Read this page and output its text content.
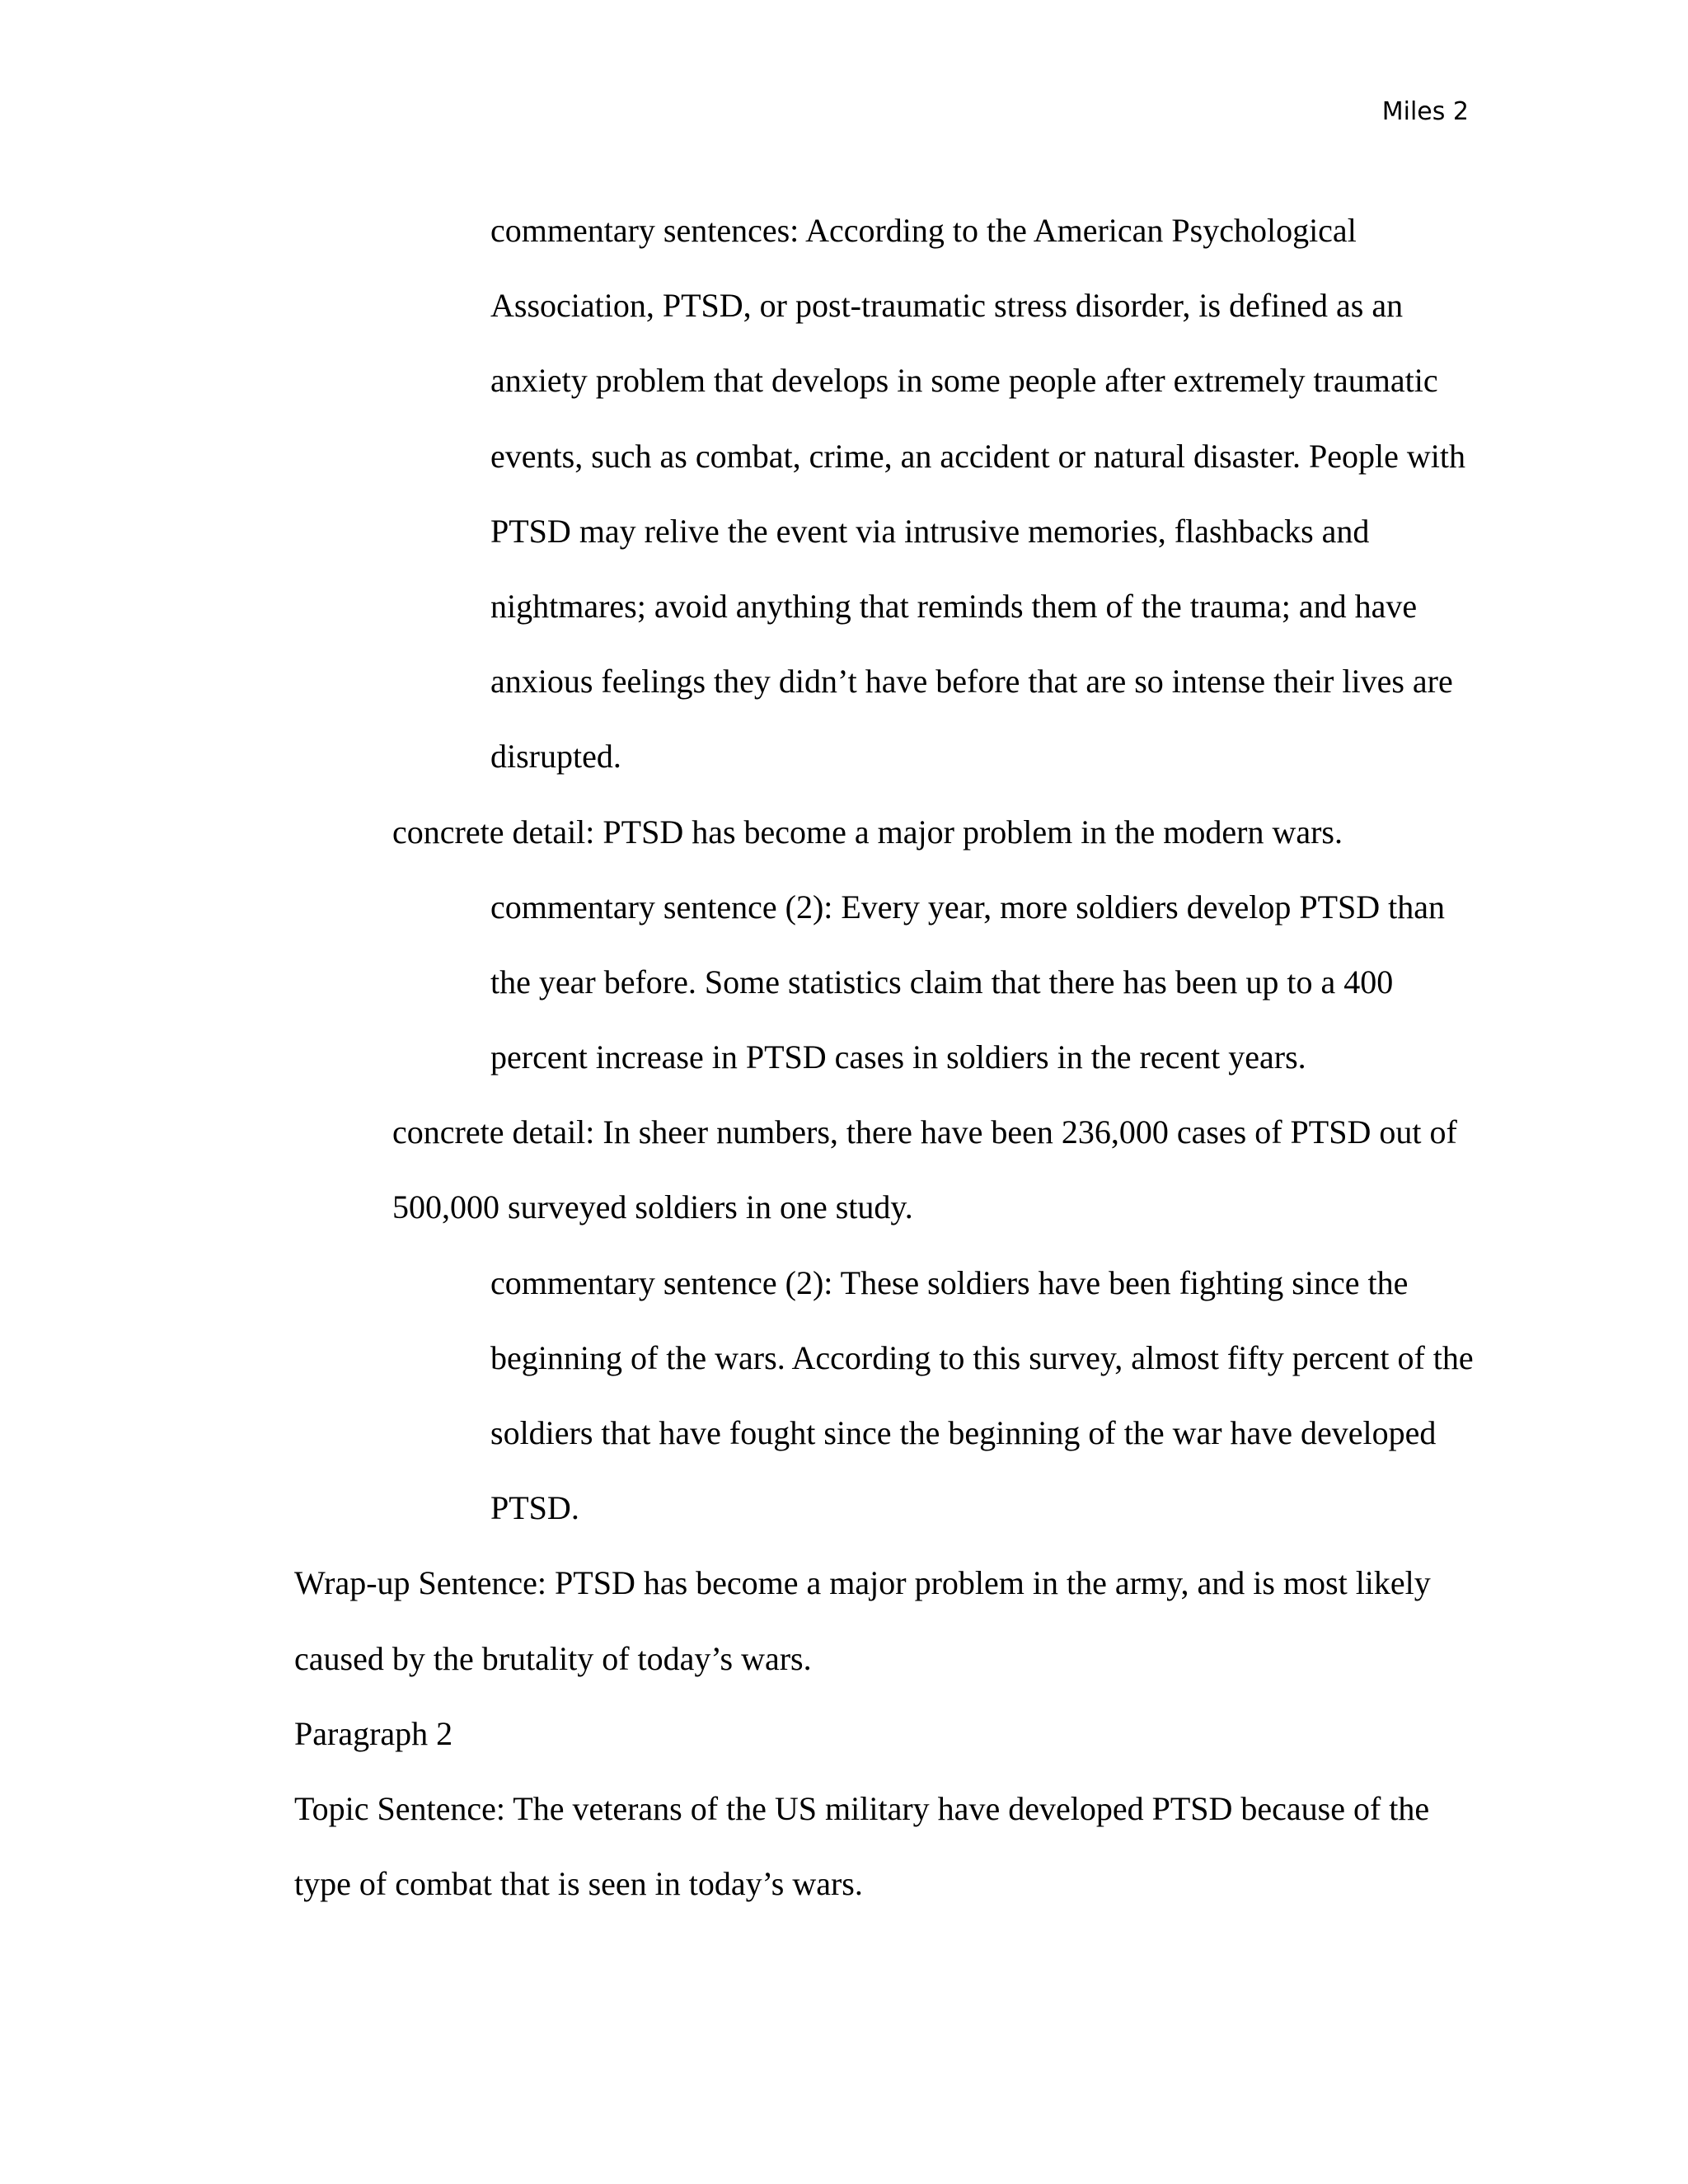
Miles 2
commentary sentences: According to the American Psychological
Association, PTSD, or post-traumatic stress disorder, is defined as an
anxiety problem that develops in some people after extremely traumatic
events, such as combat, crime, an accident or natural disaster. People with
PTSD may relive the event via intrusive memories, flashbacks and
nightmares; avoid anything that reminds them of the trauma; and have
anxious feelings they didn’t have before that are so intense their lives are
disrupted.
concrete detail: PTSD has become a major problem in the modern wars.
commentary sentence (2): Every year, more soldiers develop PTSD than
the year before. Some statistics claim that there has been up to a 400
percent increase in PTSD cases in soldiers in the recent years.
concrete detail: In sheer numbers, there have been 236,000 cases of PTSD out of
500,000 surveyed soldiers in one study.
commentary sentence (2): These soldiers have been fighting since the
beginning of the wars. According to this survey, almost fifty percent of the
soldiers that have fought since the beginning of the war have developed
PTSD.
Wrap-up Sentence: PTSD has become a major problem in the army, and is most likely
caused by the brutality of today’s wars.
Paragraph 2
Topic Sentence: The veterans of the US military have developed PTSD because of the
type of combat that is seen in today’s wars.
